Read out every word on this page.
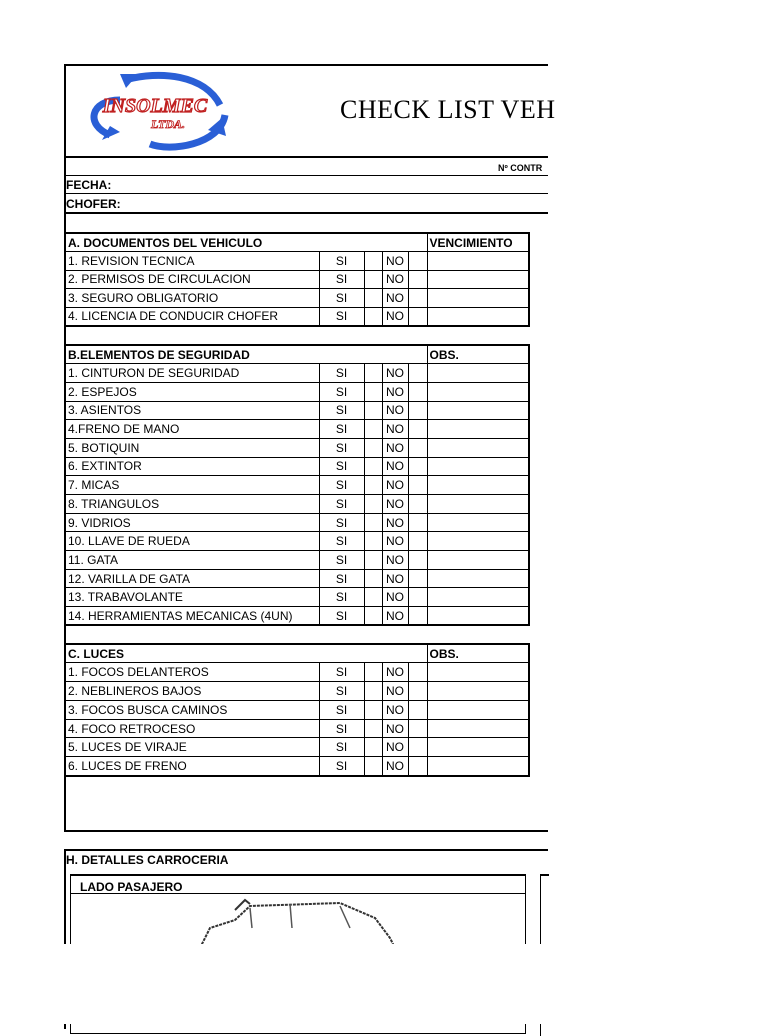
INSOLMEC
LTDA.	CHECK LIST VEH
Nº CONTR
FECHA:
CHOFER:
A. DOCUMENTOS DEL VEHICULO					VENCIMIENTO
1. REVISION TECNICA	SI		NO		
2. PERMISOS DE CIRCULACION	SI		NO		
3. SEGURO OBLIGATORIO	SI		NO		
4. LICENCIA DE CONDUCIR CHOFER	SI		NO		
B.ELEMENTOS DE SEGURIDAD					OBS.
1. CINTURON DE SEGURIDAD	SI		NO		
2. ESPEJOS	SI		NO		
3. ASIENTOS	SI		NO		
4.FRENO DE MANO	SI		NO		
5. BOTIQUIN	SI		NO		
6. EXTINTOR	SI		NO		
7. MICAS	SI		NO		
8. TRIANGULOS	SI		NO		
9. VIDRIOS	SI		NO		
10. LLAVE DE RUEDA	SI		NO		
11. GATA	SI		NO		
12. VARILLA DE GATA	SI		NO		
13. TRABAVOLANTE	SI		NO		
14. HERRAMIENTAS MECANICAS (4UN)	SI		NO		
C. LUCES					OBS.
1. FOCOS DELANTEROS	SI		NO		
2. NEBLINEROS BAJOS	SI		NO		
3. FOCOS BUSCA CAMINOS	SI		NO		
4. FOCO RETROCESO	SI		NO		
5. LUCES DE VIRAJE	SI		NO		
6. LUCES DE FRENO	SI		NO		
H. DETALLES CARROCERIA
LADO PASAJERO
